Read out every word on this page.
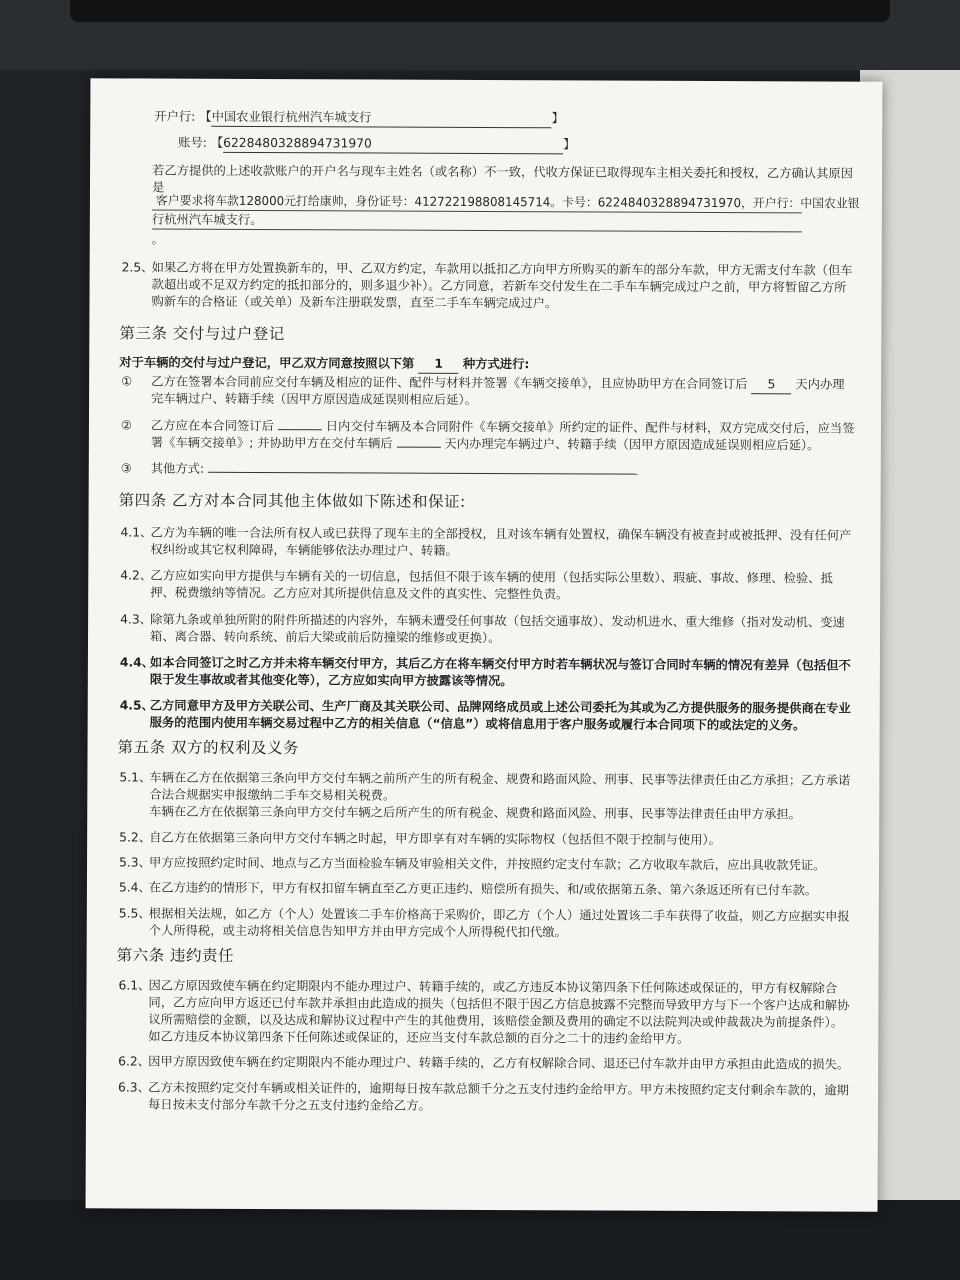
开户行: 【中国农业银行杭州汽车城支行	】
账号: 【6228480328894731970	】
若乙方提供的上述收款账户的开户名与现车主姓名（或名称）不一致，代收方保证已取得现车主相关委托和授权，乙方确认其原因
是
客户要求将车款128000元打给康帅，身份证号：412722198808145714。卡号：6224840328894731970，开户行：中国农业银
行杭州汽车城支行。
。
2.5、
如果乙方将在甲方处置换新车的，甲、乙双方约定，车款用以抵扣乙方向甲方所购买的新车的部分车款，甲方无需支付车款（但车
款超出或不足双方约定的抵扣部分的，则多退少补）。乙方同意，若新车交付发生在二手车车辆完成过户之前，甲方将暂留乙方所
购新车的合格证（或关单）及新车注册联发票，直至二手车车辆完成过户。
第三条 交付与过户登记
对于车辆的交付与过户登记，甲乙双方同意按照以下第 1 种方式进行:
① 乙方在签署本合同前应交付车辆及相应的证件、配件与材料并签署《车辆交接单》，且应协助甲方在合同签订后 5 天内办理
完车辆过户、转籍手续（因甲方原因造成延误则相应后延）。
② 乙方应在本合同签订后	日内交付车辆及本合同附件《车辆交接单》所约定的证件、配件与材料，双方完成交付后，应当签
署《车辆交接单》; 并协助甲方在交付车辆后	天内办理完车辆过户、转籍手续（因甲方原因造成延误则相应后延）。
③ 其他方式:
第四条 乙方对本合同其他主体做如下陈述和保证:
4.1、
乙方为车辆的唯一合法所有权人或已获得了现车主的全部授权，且对该车辆有处置权，确保车辆没有被查封或被抵押、没有任何产
权纠纷或其它权利障碍，车辆能够依法办理过户、转籍。
4.2、
乙方应如实向甲方提供与车辆有关的一切信息，包括但不限于该车辆的使用（包括实际公里数）、瑕疵、事故、修理、检验、抵
押、税费缴纳等情况。乙方应对其所提供信息及文件的真实性、完整性负责。
4.3、
除第九条或单独所附的附件所描述的内容外，车辆未遭受任何事故（包括交通事故）、发动机进水、重大维修（指对发动机、变速
箱、离合器、转向系统、前后大梁或前后防撞梁的维修或更换）。
4.4、
如本合同签订之时乙方并未将车辆交付甲方，其后乙方在将车辆交付甲方时若车辆状况与签订合同时车辆的情况有差异（包括但不
限于发生事故或者其他变化等），乙方应如实向甲方披露该等情况。
4.5、
乙方同意甲方及甲方关联公司、生产厂商及其关联公司、品牌网络成员或上述公司委托为其或为乙方提供服务的服务提供商在专业
服务的范围内使用车辆交易过程中乙方的相关信息（“信息”）或将信息用于客户服务或履行本合同项下的或法定的义务。
第五条 双方的权利及义务
5.1、
车辆在乙方在依据第三条向甲方交付车辆之前所产生的所有税金、规费和路面风险、刑事、民事等法律责任由乙方承担；乙方承诺
合法合规据实申报缴纳二手车交易相关税费。
车辆在乙方在依据第三条向甲方交付车辆之后所产生的所有税金、规费和路面风险、刑事、民事等法律责任由甲方承担。
5.2、
自乙方在依据第三条向甲方交付车辆之时起，甲方即享有对车辆的实际物权（包括但不限于控制与使用）。
5.3、
甲方应按照约定时间、地点与乙方当面检验车辆及审验相关文件，并按照约定支付车款；乙方收取车款后，应出具收款凭证。
5.4、
在乙方违约的情形下，甲方有权扣留车辆直至乙方更正违约、赔偿所有损失、和/或依据第五条、第六条返还所有已付车款。
5.5、
根据相关法规，如乙方（个人）处置该二手车价格高于采购价，即乙方（个人）通过处置该二手车获得了收益，则乙方应据实申报
个人所得税，或主动将相关信息告知甲方并由甲方完成个人所得税代扣代缴。
第六条 违约责任
6.1、
因乙方原因致使车辆在约定期限内不能办理过户、转籍手续的，或乙方违反本协议第四条下任何陈述或保证的，甲方有权解除合
同，乙方应向甲方返还已付车款并承担由此造成的损失（包括但不限于因乙方信息披露不完整而导致甲方与下一个客户达成和解协
议所需赔偿的金额，以及达成和解协议过程中产生的其他费用，该赔偿金额及费用的确定不以法院判决或仲裁裁决为前提条件）。
如乙方违反本协议第四条下任何陈述或保证的，还应当支付车款总额的百分之二十的违约金给甲方。
6.2、
因甲方原因致使车辆在约定期限内不能办理过户、转籍手续的，乙方有权解除合同、退还已付车款并由甲方承担由此造成的损失。
6.3、
乙方未按照约定交付车辆或相关证件的，逾期每日按车款总额千分之五支付违约金给甲方。甲方未按照约定支付剩余车款的，逾期
每日按未支付部分车款千分之五支付违约金给乙方。
